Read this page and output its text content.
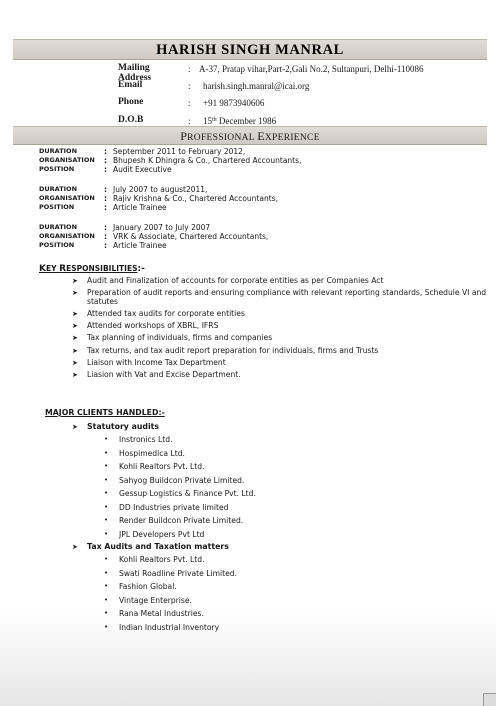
HARISH SINGH MANRAL
Mailing Address
: A-37, Pratap vihar,Part-2,Gali No.2, Sultanpuri, Delhi-110086
Email	: harish.singh.manral@icai.org
Phone	: +91 9873940606
D.O.B	: 15th December 1986
PROFESSIONAL EXPERIENCE
DURATION	: September 2011 to February 2012,
ORGANISATION : Bhupesh K Dhingra & Co., Chartered Accountants,
POSITION	: Audit Executive
DURATION	: July 2007 to august2011,
ORGANISATION : Rajiv Krishna & Co., Chartered Accountants,
POSITION	: Article Trainee
DURATION	: January 2007 to July 2007
ORGANISATION : VRK & Associate, Chartered Accountants,
POSITION	: Article Trainee
KEY RESPONSIBILITIES:-
➤ Audit and Finalization of accounts for corporate entities as per Companies Act
➤ Preparation of audit reports and ensuring compliance with relevant reporting standards, Schedule VI and statutes
➤ Attended tax audits for corporate entities
➤ Attended workshops of XBRL, IFRS
➤ Tax planning of individuals, firms and companies
➤ Tax returns, and tax audit report preparation for individuals, firms and Trusts
➤ Liaison with Income Tax Department
➤ Liasion with Vat and Excise Department.
MAJOR CLIENTS HANDLED:-
➤ Statutory audits
• Instronics Ltd.
• Hospimedica Ltd.
• Kohli Realtors Pvt. Ltd.
• Sahyog Buildcon Private Limited.
• Gessup Logistics & Finance Pvt. Ltd.
• DD Industries private limited
• Render Buildcon Private Limited.
• JPL Developers Pvt Ltd
➤ Tax Audits and Taxation matters
• Kohli Realtors Pvt. Ltd.
• Swati Roadline Private Limited.
• Fashion Global.
• Vintage Enterprise.
• Rana Metal Industries.
• Indian Industrial Inventory
